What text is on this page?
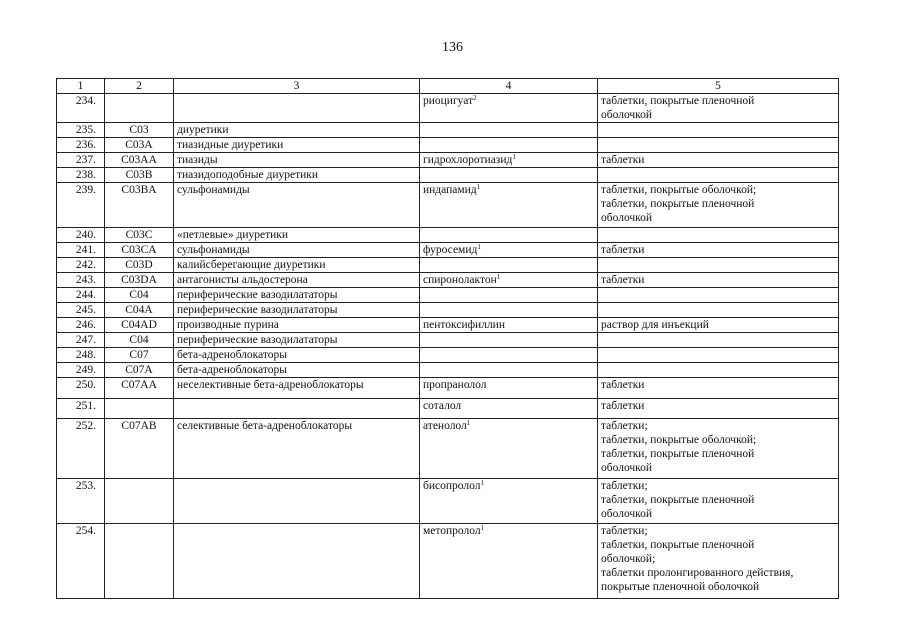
136
1	2	3	4	5
234.			риоцигуат$^2$	таблетки, покрытые пленочной
оболочкой

235.	C03	диуретики		
236.	C03A	тиазидные диуретики		
237.	C03AA	тиазиды	гидрохлоротиазид$^1$	таблетки

238.	C03B	тиазидоподобные диуретики		
239.	C03BA	сульфонамиды	индапамид$^1$	таблетки, покрытые оболочкой;
таблетки, покрытые пленочной
оболочкой

240.	C03C	«петлевые» диуретики		
241.	C03CA	сульфонамиды	фуросемид$^1$	таблетки

242.	C03D	калийсберегающие диуретики		
243.	C03DA	антагонисты альдостерона	спиронолактон$^1$	таблетки

244.	C04	периферические вазодилататоры		
245.	C04A	периферические вазодилататоры		
246.	C04AD	производные пурина	пентоксифиллин	раствор для инъекций

247.	C04	периферические вазодилататоры		
248.	C07	бета-адреноблокаторы		
249.	C07A	бета-адреноблокаторы		
250.	C07AA	неселективные бета-адреноблокаторы	пропранолол	таблетки

251.			соталол	таблетки

252.	C07AB	селективные бета-адреноблокаторы	атенолол$^1$	таблетки;
таблетки, покрытые оболочкой;
таблетки, покрытые пленочной
оболочкой

253.			бисопролол$^1$	таблетки;
таблетки, покрытые пленочной
оболочкой

254.			метопролол$^1$	таблетки;
таблетки, покрытые пленочной
оболочкой;
таблетки пролонгированного действия,
покрытые пленочной оболочкой
